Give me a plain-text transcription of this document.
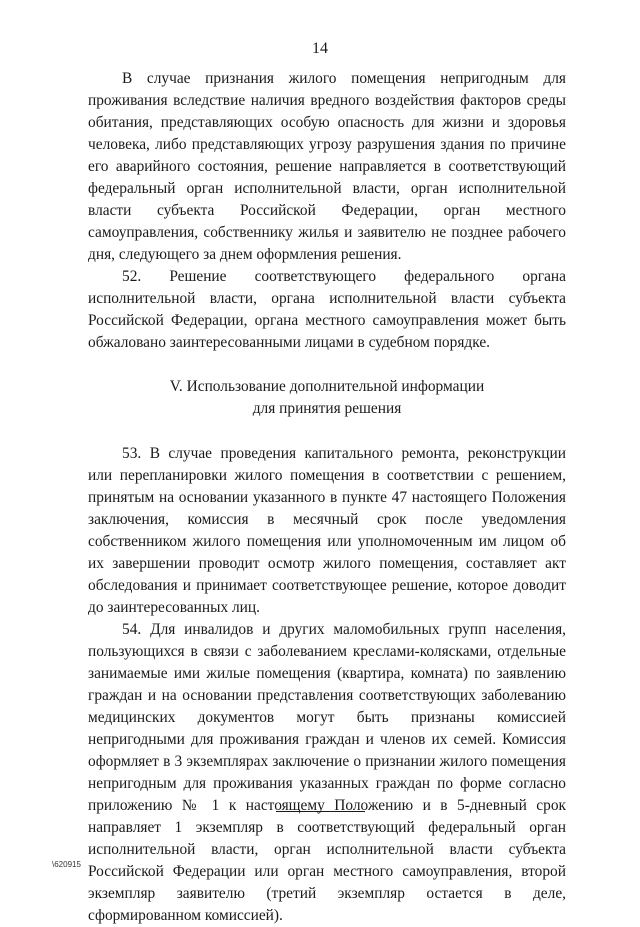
14

В случае признания жилого помещения непригодным для проживания вследствие наличия вредного воздействия факторов среды обитания, представляющих особую опасность для жизни и здоровья человека, либо представляющих угрозу разрушения здания по причине его аварийного состояния, решение направляется в соответствующий федеральный орган исполнительной власти, орган исполнительной власти субъекта Российской Федерации, орган местного самоуправления, собственнику жилья и заявителю не позднее рабочего дня, следующего за днем оформления решения.

52. Решение соответствующего федерального органа исполнительной власти, органа исполнительной власти субъекта Российской Федерации, органа местного самоуправления может быть обжаловано заинтересованными лицами в судебном порядке.

V. Использование дополнительной информации
для принятия решения

53. В случае проведения капитального ремонта, реконструкции или перепланировки жилого помещения в соответствии с решением, принятым на основании указанного в пункте 47 настоящего Положения заключения, комиссия в месячный срок после уведомления собственником жилого помещения или уполномоченным им лицом об их завершении проводит осмотр жилого помещения, составляет акт обследования и принимает соответствующее решение, которое доводит до заинтересованных лиц.

54. Для инвалидов и других маломобильных групп населения, пользующихся в связи с заболеванием креслами-колясками, отдельные занимаемые ими жилые помещения (квартира, комната) по заявлению граждан и на основании представления соответствующих заболеванию медицинских документов могут быть признаны комиссией непригодными для проживания граждан и членов их семей. Комиссия оформляет в 3 экземплярах заключение о признании жилого помещения непригодным для проживания указанных граждан по форме согласно приложению № 1 к настоящему Положению и в 5-дневный срок направляет 1 экземпляр в соответствующий федеральный орган исполнительной власти, орган исполнительной власти субъекта Российской Федерации или орган местного самоуправления, второй экземпляр заявителю (третий экземпляр остается в деле, сформированном комиссией).

\620915
